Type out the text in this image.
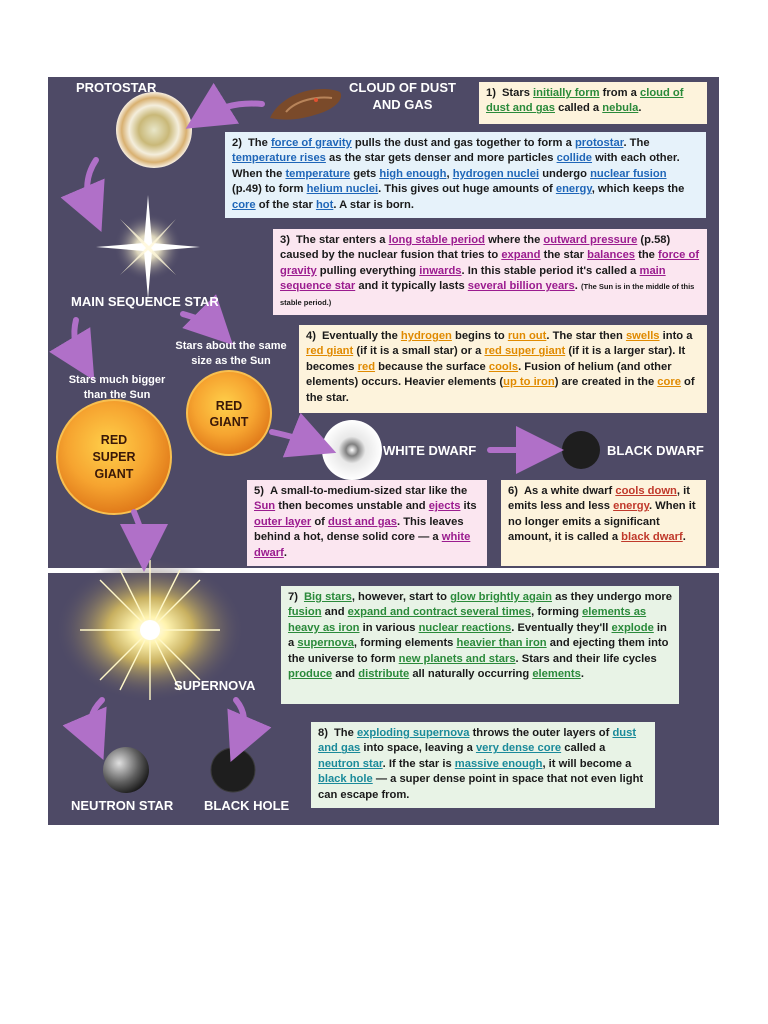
PROTOSTAR	CLOUD OF DUST AND GAS
MAIN SEQUENCE STAR
Stars about the same size as the Sun
Stars much bigger than the Sun
RED GIANT
RED SUPER GIANT
WHITE DWARF	BLACK DWARF
SUPERNOVA
NEUTRON STAR BLACK HOLE
1) Stars initially form from a cloud of dust and gas called a nebula.
2) The force of gravity pulls the dust and gas together to form a protostar. The temperature rises as the star gets denser and more particles collide with each other. When the temperature gets high enough, hydrogen nuclei undergo nuclear fusion (p.49) to form helium nuclei. This gives out huge amounts of energy, which keeps the core of the star hot. A star is born.
3) The star enters a long stable period where the outward pressure (p.58) caused by the nuclear fusion that tries to expand the star balances the force of gravity pulling everything inwards. In this stable period it's called a main sequence star and it typically lasts several billion years. (The Sun is in the middle of this stable period.)
4) Eventually the hydrogen begins to run out. The star then swells into a red giant (if it is a small star) or a red super giant (if it is a larger star). It becomes red because the surface cools. Fusion of helium (and other elements) occurs. Heavier elements (up to iron) are created in the core of the star.
5) A small-to-medium-sized star like the Sun then becomes unstable and ejects its outer layer of dust and gas. This leaves behind a hot, dense solid core — a white dwarf.
6) As a white dwarf cools down, it emits less and less energy. When it no longer emits a significant amount, it is called a black dwarf.
7) Big stars, however, start to glow brightly again as they undergo more fusion and expand and contract several times, forming elements as heavy as iron in various nuclear reactions. Eventually they'll explode in a supernova, forming elements heavier than iron and ejecting them into the universe to form new planets and stars. Stars and their life cycles produce and distribute all naturally occurring elements.
8) The exploding supernova throws the outer layers of dust and gas into space, leaving a very dense core called a neutron star. If the star is massive enough, it will become a black hole — a super dense point in space that not even light can escape from.
